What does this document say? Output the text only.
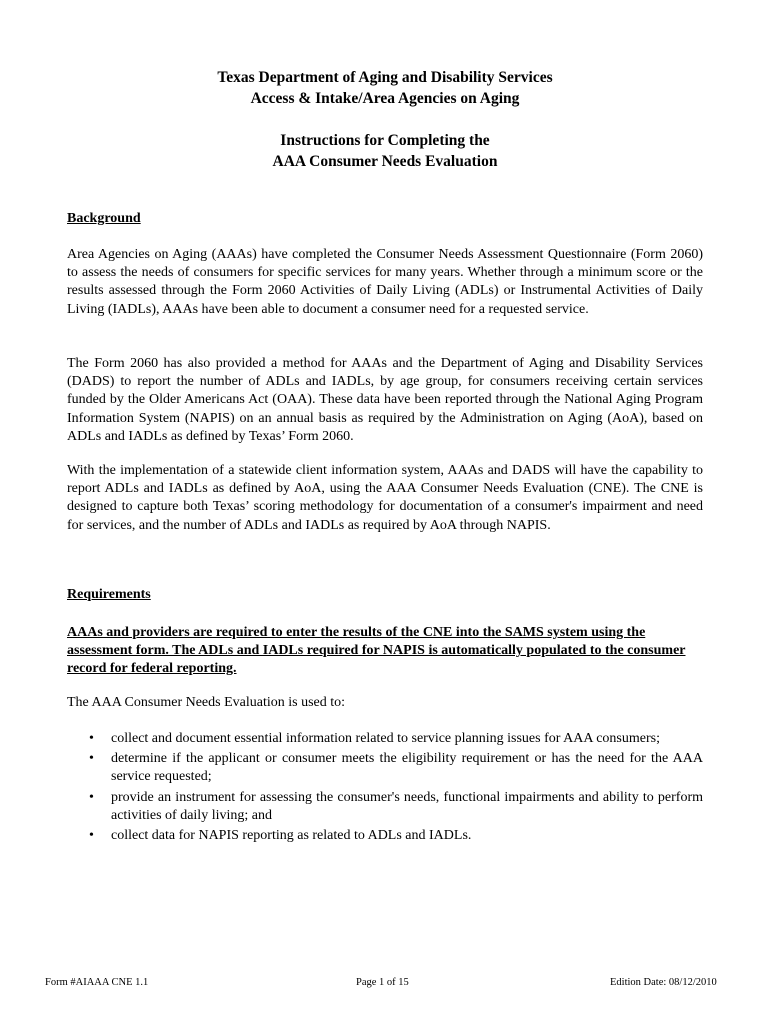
Texas Department of Aging and Disability Services
Access & Intake/Area Agencies on Aging
Instructions for Completing the
AAA Consumer Needs Evaluation
Background

Area Agencies on Aging (AAAs) have completed the Consumer Needs Assessment Questionnaire (Form 2060) to assess the needs of consumers for specific services for many years. Whether through a minimum score or the results assessed through the Form 2060 Activities of Daily Living (ADLs) or Instrumental Activities of Daily Living (IADLs), AAAs have been able to document a consumer need for a requested service.

The Form 2060 has also provided a method for AAAs and the Department of Aging and Disability Services (DADS) to report the number of ADLs and IADLs, by age group, for consumers receiving certain services funded by the Older Americans Act (OAA). These data have been reported through the National Aging Program Information System (NAPIS) on an annual basis as required by the Administration on Aging (AoA), based on ADLs and IADLs as defined by Texas’ Form 2060.

With the implementation of a statewide client information system, AAAs and DADS will have the capability to report ADLs and IADLs as defined by AoA, using the AAA Consumer Needs Evaluation (CNE). The CNE is designed to capture both Texas’ scoring methodology for documentation of a consumer's impairment and need for services, and the number of ADLs and IADLs as required by AoA through NAPIS.

Requirements

AAAs and providers are required to enter the results of the CNE into the SAMS system using the assessment form. The ADLs and IADLs required for NAPIS is automatically populated to the consumer record for federal reporting.

The AAA Consumer Needs Evaluation is used to:

• collect and document essential information related to service planning issues for AAA consumers;
• determine if the applicant or consumer meets the eligibility requirement or has the need for the AAA service requested;
• provide an instrument for assessing the consumer's needs, functional impairments and ability to perform activities of daily living; and
• collect data for NAPIS reporting as related to ADLs and IADLs.
Form #AIAAA CNE 1.1	Page 1 of 15	Edition Date: 08/12/2010
